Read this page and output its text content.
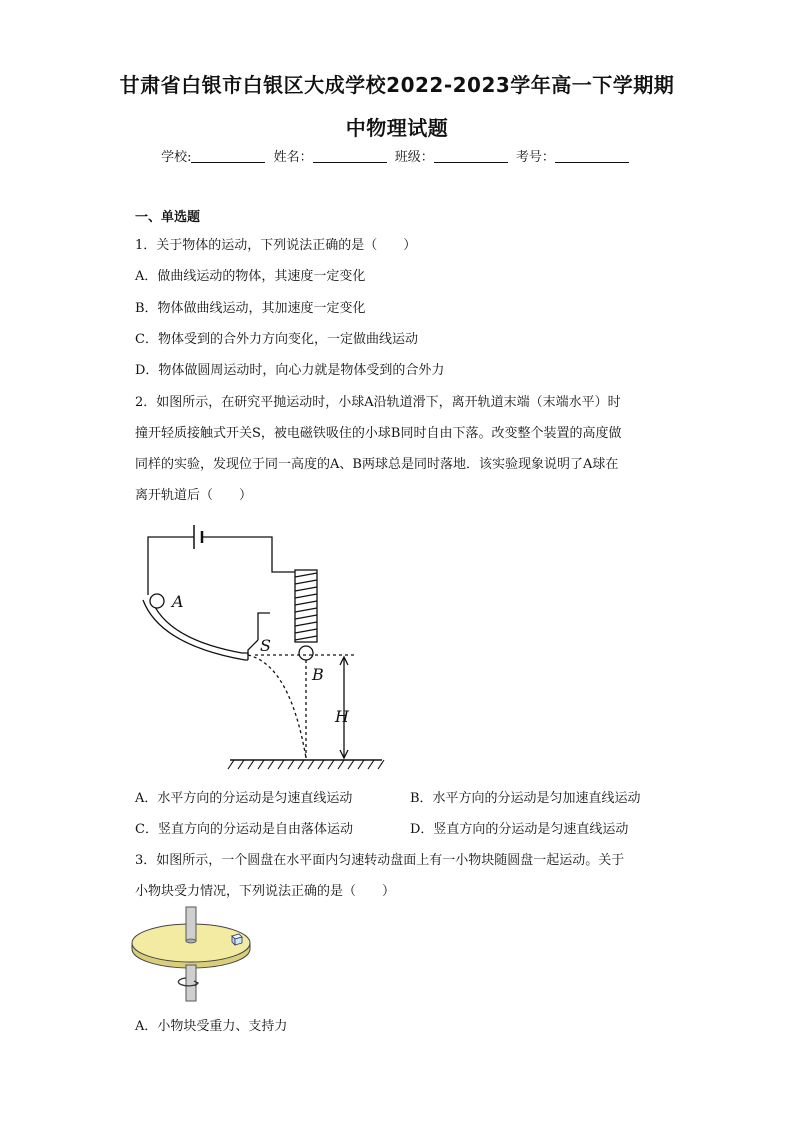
甘肃省白银市白银区大成学校2022-2023学年高一下学期期
中物理试题
学校:	姓名：	班级：	考号：
一、单选题
1．关于物体的运动，下列说法正确的是（　　）
A．做曲线运动的物体，其速度一定变化
B．物体做曲线运动，其加速度一定变化
C．物体受到的合外力方向变化，一定做曲线运动
D．物体做圆周运动时，向心力就是物体受到的合外力
2．如图所示，在研究平抛运动时，小球A沿轨道滑下，离开轨道末端（末端水平）时
撞开轻质接触式开关S，被电磁铁吸住的小球B同时自由下落。改变整个装置的高度做
同样的实验，发现位于同一高度的A、B两球总是同时落地．该实验现象说明了A球在
离开轨道后（　　）
A
S
B
H
A．水平方向的分运动是匀速直线运动	B．水平方向的分运动是匀加速直线运动
C．竖直方向的分运动是自由落体运动	D．竖直方向的分运动是匀速直线运动
3．如图所示，一个圆盘在水平面内匀速转动盘面上有一小物块随圆盘一起运动。关于
小物块受力情况，下列说法正确的是（　　）
A．小物块受重力、支持力
